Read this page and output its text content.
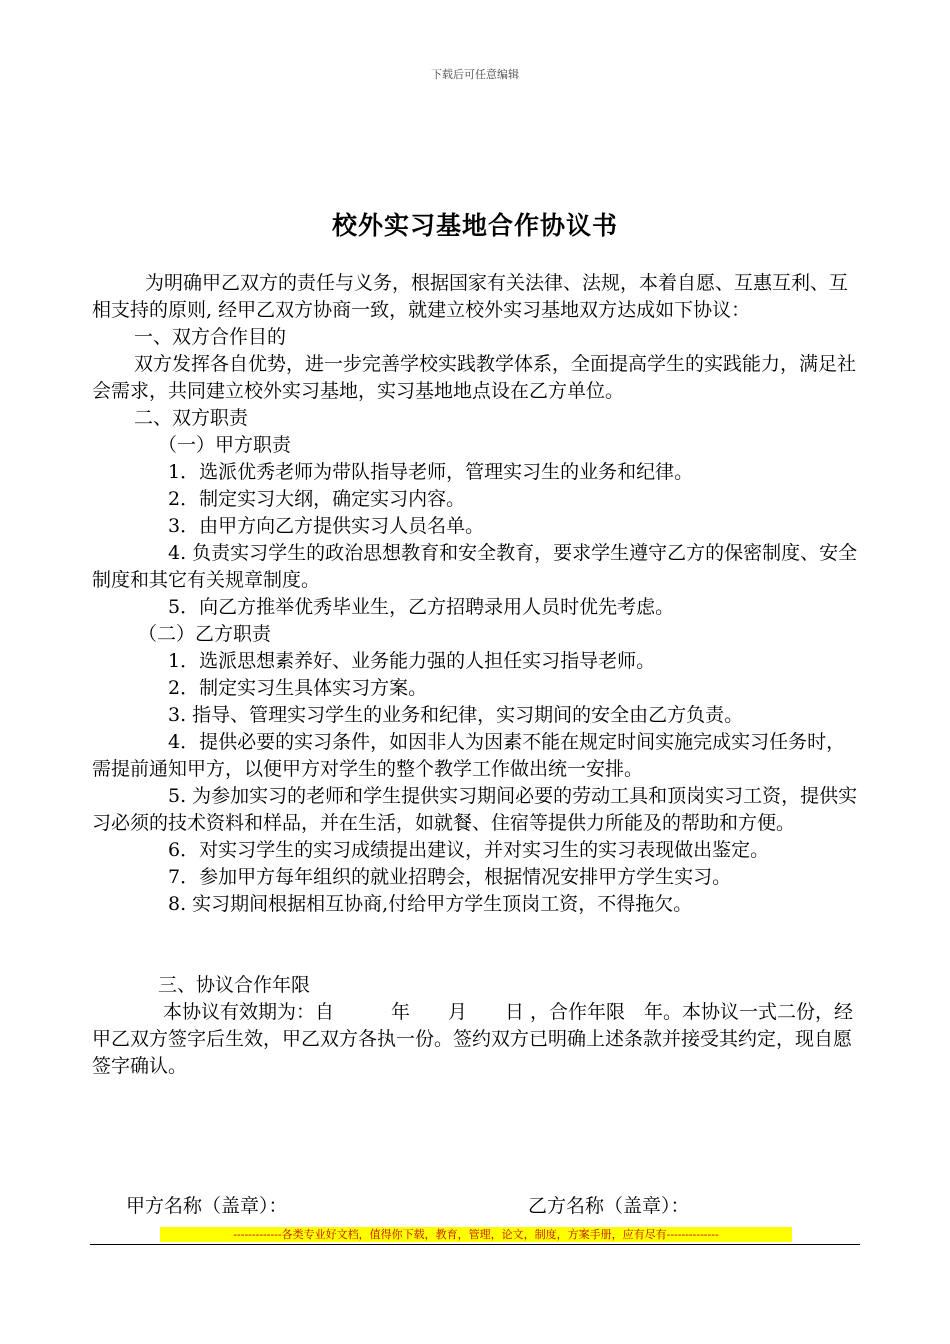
下载后可任意编辑
校外实习基地合作协议书

为明确甲乙双方的责任与义务，根据国家有关法律、法规，本着自愿、互惠互利、互相支持的原则, 经甲乙双方协商一致，就建立校外实习基地双方达成如下协议：

一、双方合作目的

双方发挥各自优势，进一步完善学校实践教学体系，全面提高学生的实践能力，满足社会需求，共同建立校外实习基地，实习基地地点设在乙方单位。

二、双方职责

（一）甲方职责

1．选派优秀老师为带队指导老师，管理实习生的业务和纪律。

2．制定实习大纲，确定实习内容。

3．由甲方向乙方提供实习人员名单。

4. 负责实习学生的政治思想教育和安全教育，要求学生遵守乙方的保密制度、安全制度和其它有关规章制度。

5．向乙方推举优秀毕业生，乙方招聘录用人员时优先考虑。

（二）乙方职责

1．选派思想素养好、业务能力强的人担任实习指导老师。

2．制定实习生具体实习方案。

3. 指导、管理实习学生的业务和纪律，实习期间的安全由乙方负责。

4．提供必要的实习条件，如因非人为因素不能在规定时间实施完成实习任务时，需提前通知甲方，以便甲方对学生的整个教学工作做出统一安排。

5. 为参加实习的老师和学生提供实习期间必要的劳动工具和顶岗实习工资，提供实习必须的技术资料和样品，并在生活，如就餐、住宿等提供力所能及的帮助和方便。

6．对实习学生的实习成绩提出建议，并对实习生的实习表现做出鉴定。

7．参加甲方每年组织的就业招聘会，根据情况安排甲方学生实习。

8. 实习期间根据相互协商,付给甲方学生顶岗工资，不得拖欠。

三、协议合作年限

本协议有效期为：自　　　年　　月　　日 ，合作年限　年。本协议一式二份，经甲乙双方签字后生效，甲乙双方各执一份。签约双方已明确上述条款并接受其约定，现自愿签字确认。

甲方名称（盖章）：	乙方名称（盖章）：
-------------各类专业好文档，值得你下载，教育，管理，论文，制度，方案手册，应有尽有--------------
